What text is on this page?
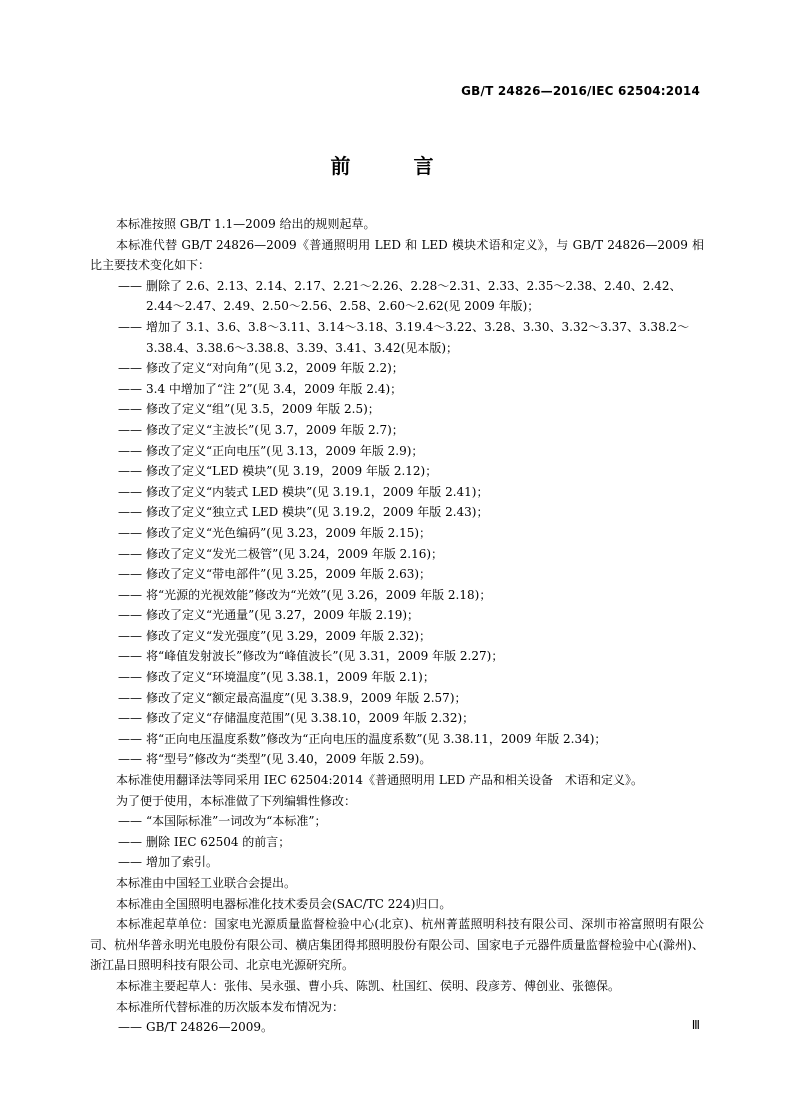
GB/T 24826—2016/IEC 62504:2014
前 言

本标准按照 GB/T 1.1—2009 给出的规则起草。

本标准代替 GB/T 24826—2009《普通照明用 LED 和 LED 模块术语和定义》，与 GB/T 24826—2009 相比主要技术变化如下：

—— 删除了 2.6、2.13、2.14、2.17、2.21～2.26、2.28～2.31、2.33、2.35～2.38、2.40、2.42、2.44～2.47、2.49、2.50～2.56、2.58、2.60～2.62(见 2009 年版)；

—— 增加了 3.1、3.6、3.8～3.11、3.14～3.18、3.19.4～3.22、3.28、3.30、3.32～3.37、3.38.2～3.38.4、3.38.6～3.38.8、3.39、3.41、3.42(见本版)；

—— 修改了定义“对向角”(见 3.2，2009 年版 2.2)；

—— 3.4 中增加了“注 2”(见 3.4，2009 年版 2.4)；

—— 修改了定义“组”(见 3.5，2009 年版 2.5)；

—— 修改了定义“主波长”(见 3.7，2009 年版 2.7)；

—— 修改了定义“正向电压”(见 3.13，2009 年版 2.9)；

—— 修改了定义“LED 模块”(见 3.19，2009 年版 2.12)；

—— 修改了定义“内装式 LED 模块”(见 3.19.1，2009 年版 2.41)；

—— 修改了定义“独立式 LED 模块”(见 3.19.2，2009 年版 2.43)；

—— 修改了定义“光色编码”(见 3.23，2009 年版 2.15)；

—— 修改了定义“发光二极管”(见 3.24，2009 年版 2.16)；

—— 修改了定义“带电部件”(见 3.25，2009 年版 2.63)；

—— 将“光源的光视效能”修改为“光效”(见 3.26，2009 年版 2.18)；

—— 修改了定义“光通量”(见 3.27，2009 年版 2.19)；

—— 修改了定义“发光强度”(见 3.29，2009 年版 2.32)；

—— 将“峰值发射波长”修改为“峰值波长”(见 3.31，2009 年版 2.27)；

—— 修改了定义“环境温度”(见 3.38.1，2009 年版 2.1)；

—— 修改了定义“额定最高温度”(见 3.38.9，2009 年版 2.57)；

—— 修改了定义“存储温度范围”(见 3.38.10，2009 年版 2.32)；

—— 将“正向电压温度系数”修改为“正向电压的温度系数”(见 3.38.11，2009 年版 2.34)；

—— 将“型号”修改为“类型”(见 3.40，2009 年版 2.59)。

本标准使用翻译法等同采用 IEC 62504:2014《普通照明用 LED 产品和相关设备　术语和定义》。

为了便于使用，本标准做了下列编辑性修改：

—— “本国际标准”一词改为“本标准”；

—— 删除 IEC 62504 的前言；

—— 增加了索引。

本标准由中国轻工业联合会提出。

本标准由全国照明电器标准化技术委员会(SAC/TC 224)归口。

本标准起草单位：国家电光源质量监督检验中心(北京)、杭州菁蓝照明科技有限公司、深圳市裕富照明有限公司、杭州华普永明光电股份有限公司、横店集团得邦照明股份有限公司、国家电子元器件质量监督检验中心(滁州)、浙江晶日照明科技有限公司、北京电光源研究所。

本标准主要起草人：张伟、吴永强、曹小兵、陈凯、杜国红、侯明、段彦芳、傅创业、张德保。

本标准所代替标准的历次版本发布情况为：

—— GB/T 24826—2009。	Ⅲ
